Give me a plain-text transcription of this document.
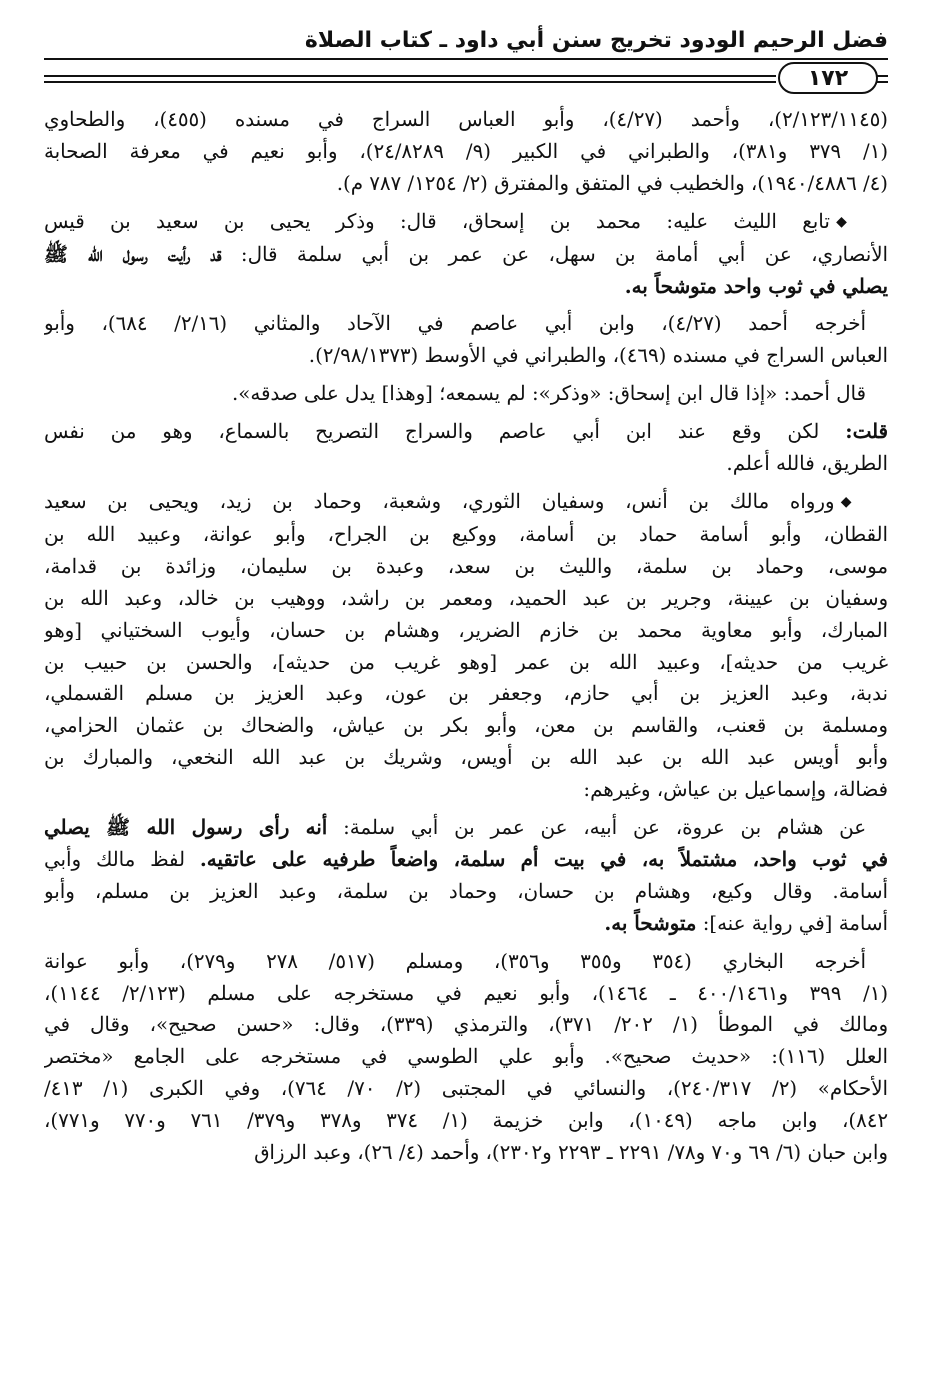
فضل الرحيم الودود تخريج سنن أبي داود ـ كتاب الصلاة
١٧٢

(٢/١٢٣/١١٤٥)، وأحمد (٤/٢٧)، وأبو العباس السراج في مسنده (٤٥٥)، والطحاوي
(١/ ٣٧٩ و٣٨١)، والطبراني في الكبير (٩/ ٢٤/٨٢٨٩)، وأبو نعيم في معرفة الصحابة
(٤/ ١٩٤٠/٤٨٨٦)، والخطيب في المتفق والمفترق (٢/ ١٢٥٤/ ٧٨٧ م).

◆ تابع الليث عليه: محمد بن إسحاق، قال: وذكر يحيى بن سعيد بن قيس
الأنصاري، عن أبي أمامة بن سهل، عن عمر بن أبي سلمة قال: قد رأيت رسول الله ﷺ
يصلي في ثوب واحد متوشحاً به.

أخرجه أحمد (٤/٢٧)، وابن أبي عاصم في الآحاد والمثاني (٢/١٦/ ٦٨٤)، وأبو
العباس السراج في مسنده (٤٦٩)، والطبراني في الأوسط (٢/٩٨/١٣٧٣).

قال أحمد: «إذا قال ابن إسحاق: «وذكر»: لم يسمعه؛ [وهذا] يدل على صدقه».

قلت: لكن وقع عند ابن أبي عاصم والسراج التصريح بالسماع، وهو من نفس
الطريق، فالله أعلم.

◆ ورواه مالك بن أنس، وسفيان الثوري، وشعبة، وحماد بن زيد، ويحيى بن سعيد
القطان، وأبو أسامة حماد بن أسامة، ووكيع بن الجراح، وأبو عوانة، وعبيد الله بن
موسى، وحماد بن سلمة، والليث بن سعد، وعبدة بن سليمان، وزائدة بن قدامة،
وسفيان بن عيينة، وجرير بن عبد الحميد، ومعمر بن راشد، ووهيب بن خالد، وعبد الله بن
المبارك، وأبو معاوية محمد بن خازم الضرير، وهشام بن حسان، وأيوب السختياني [وهو
غريب من حديثه]، وعبيد الله بن عمر [وهو غريب من حديثه]، والحسن بن حبيب بن
ندبة، وعبد العزيز بن أبي حازم، وجعفر بن عون، وعبد العزيز بن مسلم القسملي،
ومسلمة بن قعنب، والقاسم بن معن، وأبو بكر بن عياش، والضحاك بن عثمان الحزامي،
وأبو أويس عبد الله بن عبد الله بن أويس، وشريك بن عبد الله النخعي، والمبارك بن
فضالة، وإسماعيل بن عياش، وغيرهم:

عن هشام بن عروة، عن أبيه، عن عمر بن أبي سلمة: أنه رأى رسول الله ﷺ يصلي
في ثوب واحد، مشتملاً به، في بيت أم سلمة، واضعاً طرفيه على عاتقيه. لفظ مالك وأبي
أسامة. وقال وكيع، وهشام بن حسان، وحماد بن سلمة، وعبد العزيز بن مسلم، وأبو
أسامة [في رواية عنه]: متوشحاً به.

أخرجه البخاري (٣٥٤ و٣٥٥ و٣٥٦)، ومسلم (٥١٧/ ٢٧٨ و٢٧٩)، وأبو عوانة
(١/ ٣٩٩ و٤٠٠/١٤٦١ ـ ١٤٦٤)، وأبو نعيم في مستخرجه على مسلم (٢/١٢٣/ ١١٤٤)،
ومالك في الموطأ (١/ ٢٠٢/ ٣٧١)، والترمذي (٣٣٩)، وقال: «حسن صحيح»، وقال في
العلل (١١٦): «حديث صحيح». وأبو علي الطوسي في مستخرجه على الجامع «مختصر
الأحكام» (٢/ ٢٤٠/٣١٧)، والنسائي في المجتبى (٢/ ٧٠/ ٧٦٤)، وفي الكبرى (١/ ٤١٣/
٨٤٢)، وابن ماجه (١٠٤٩)، وابن خزيمة (١/ ٣٧٤ و٣٧٨ و٣٧٩/ ٧٦١ و٧٧٠ و٧٧١)،
وابن حبان (٦/ ٦٩ و٧٠ و٧٨/ ٢٢٩١ ـ ٢٢٩٣ و٢٣٠٢)، وأحمد (٤/ ٢٦)، وعبد الرزاق
